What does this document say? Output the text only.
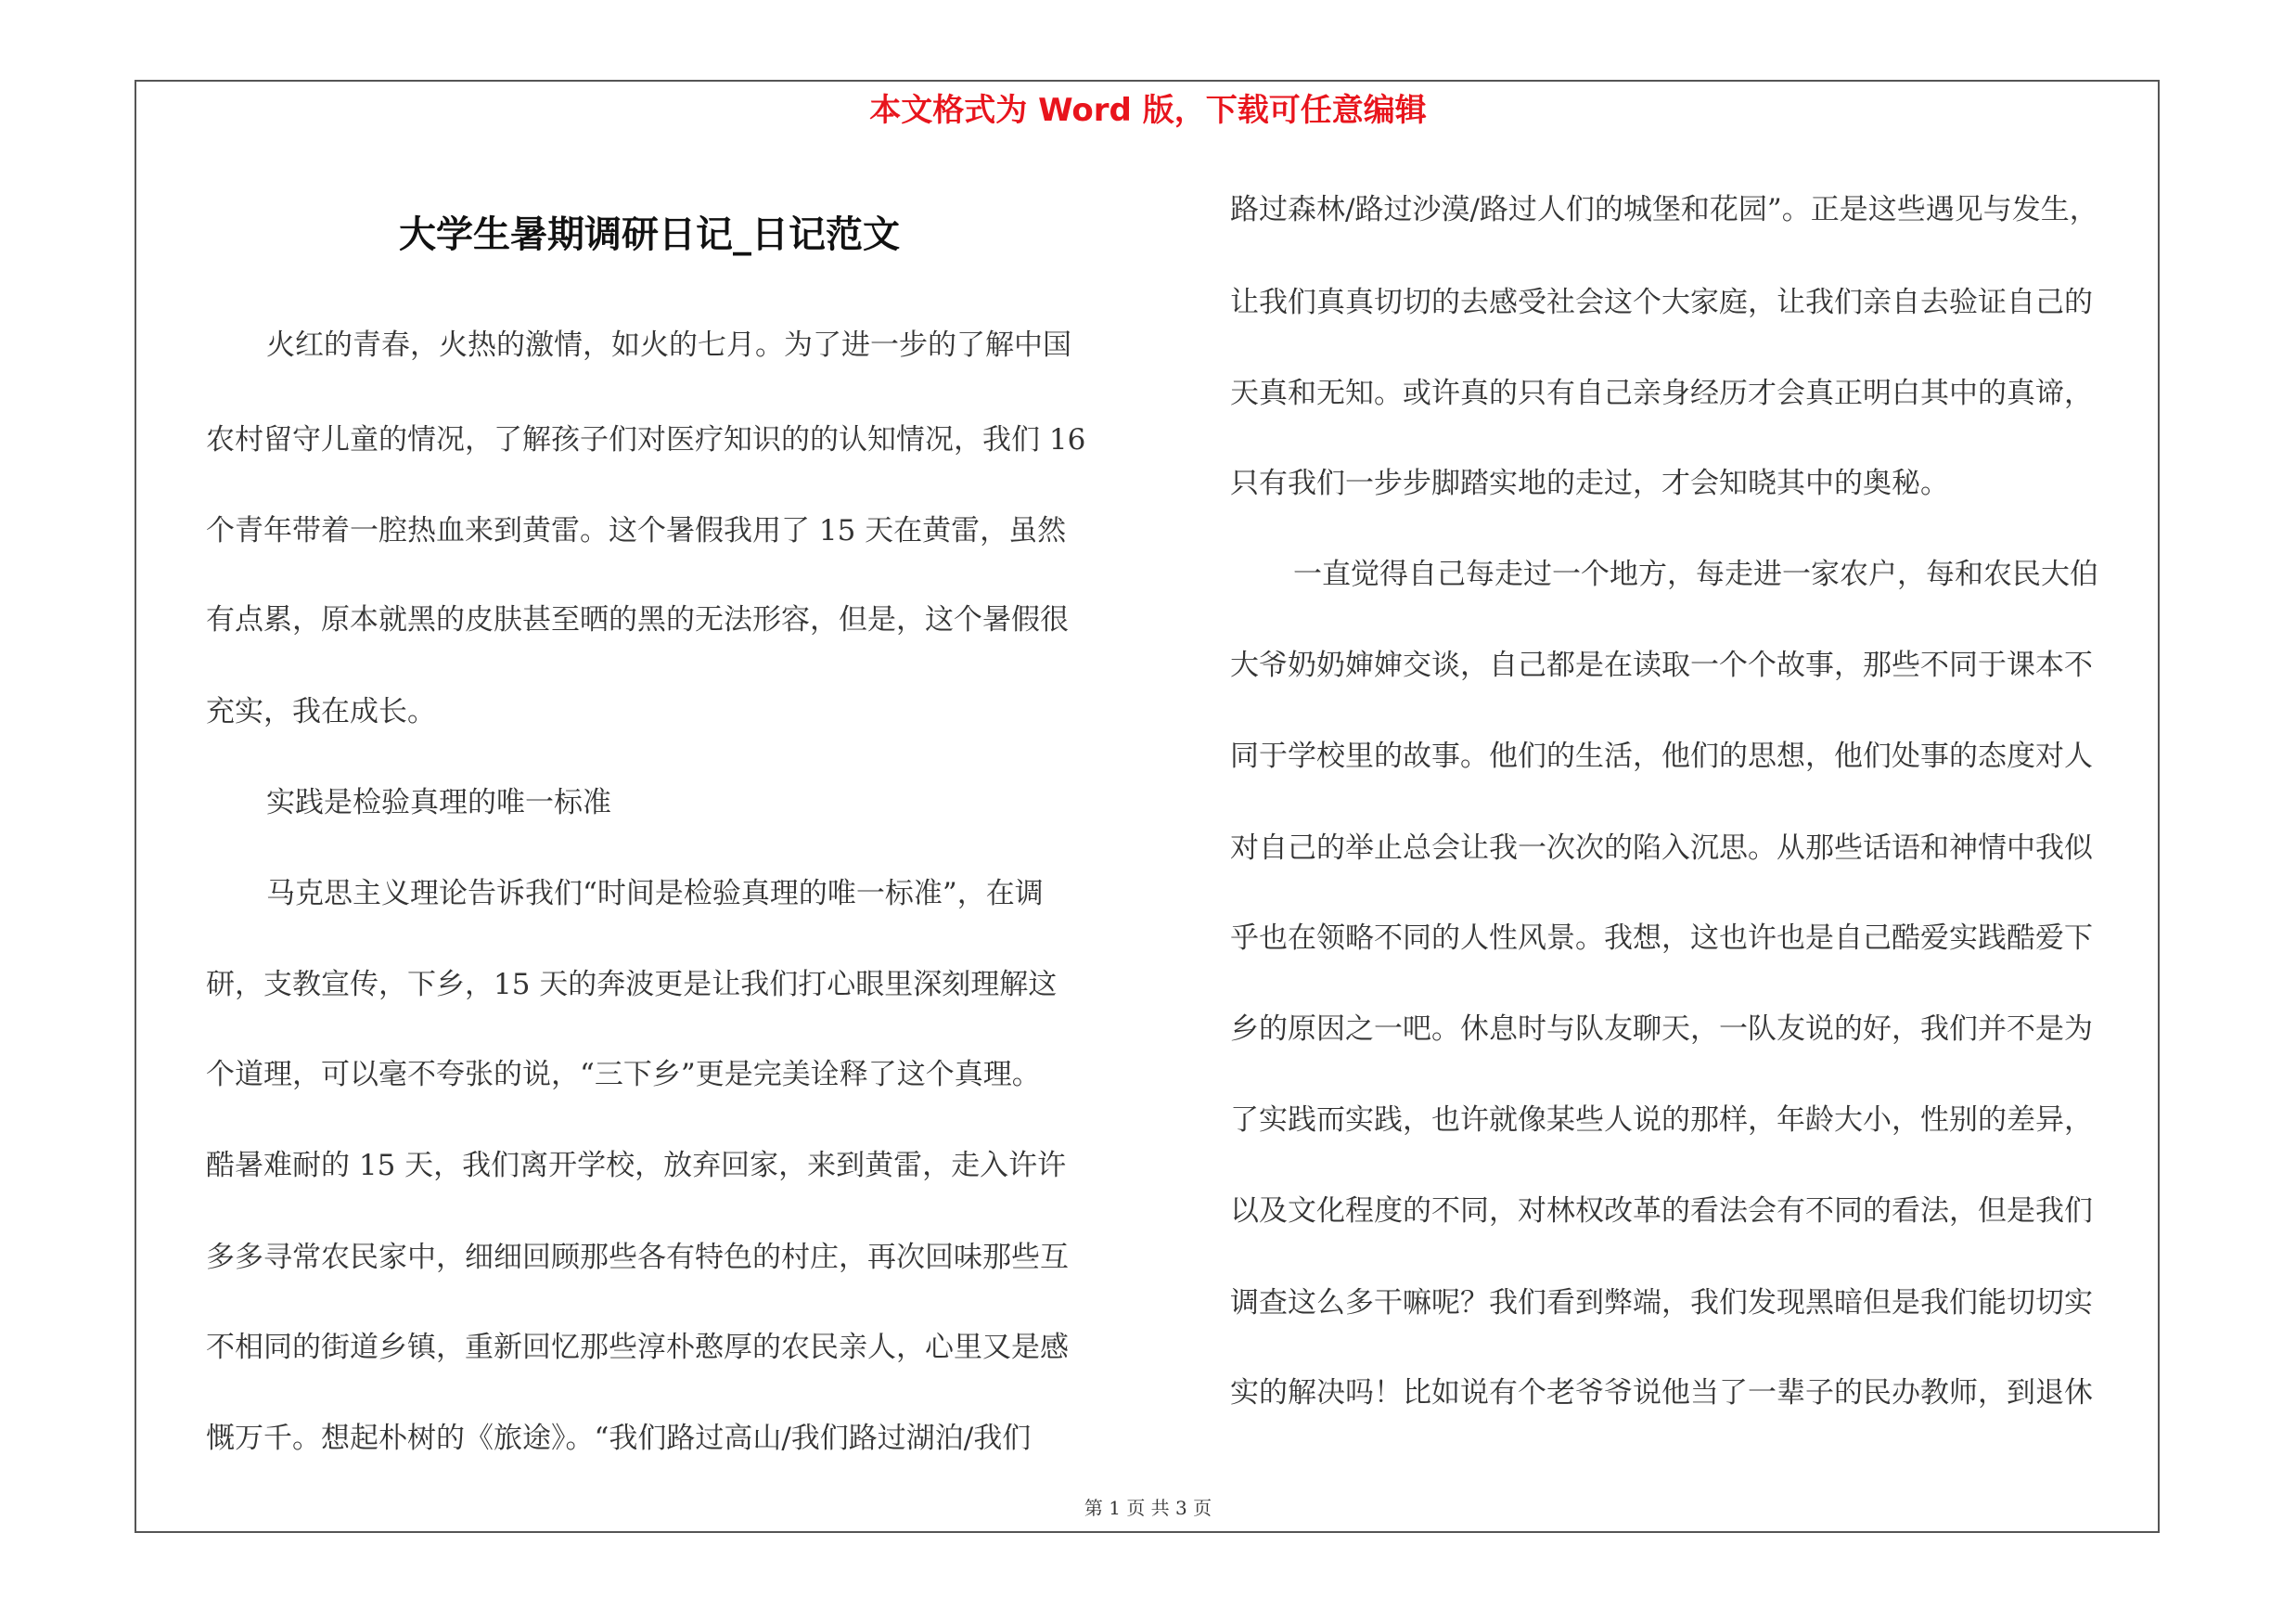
本文格式为 Word 版，下载可任意编辑
大学生暑期调研日记_日记范文
火红的青春，火热的激情，如火的七月。为了进一步的了解中国
农村留守儿童的情况，了解孩子们对医疗知识的的认知情况，我们 16
个青年带着一腔热血来到黄雷。这个暑假我用了 15 天在黄雷，虽然
有点累，原本就黑的皮肤甚至晒的黑的无法形容，但是，这个暑假很
充实，我在成长。
实践是检验真理的唯一标准
马克思主义理论告诉我们“时间是检验真理的唯一标准”，在调
研，支教宣传，下乡，15 天的奔波更是让我们打心眼里深刻理解这
个道理，可以毫不夸张的说，“三下乡”更是完美诠释了这个真理。
酷暑难耐的 15 天，我们离开学校，放弃回家，来到黄雷，走入许许
多多寻常农民家中，细细回顾那些各有特色的村庄，再次回味那些互
不相同的街道乡镇，重新回忆那些淳朴憨厚的农民亲人，心里又是感
慨万千。想起朴树的《旅途》。“我们路过高山/我们路过湖泊/我们
路过森林/路过沙漠/路过人们的城堡和花园”。正是这些遇见与发生，
让我们真真切切的去感受社会这个大家庭，让我们亲自去验证自己的
天真和无知。或许真的只有自己亲身经历才会真正明白其中的真谛，
只有我们一步步脚踏实地的走过，才会知晓其中的奥秘。
一直觉得自己每走过一个地方，每走进一家农户，每和农民大伯
大爷奶奶婶婶交谈，自己都是在读取一个个故事，那些不同于课本不
同于学校里的故事。他们的生活，他们的思想，他们处事的态度对人
对自己的举止总会让我一次次的陷入沉思。从那些话语和神情中我似
乎也在领略不同的人性风景。我想，这也许也是自己酷爱实践酷爱下
乡的原因之一吧。休息时与队友聊天，一队友说的好，我们并不是为
了实践而实践，也许就像某些人说的那样，年龄大小，性别的差异，
以及文化程度的不同，对林权改革的看法会有不同的看法，但是我们
调查这么多干嘛呢？我们看到弊端，我们发现黑暗但是我们能切切实
实的解决吗！比如说有个老爷爷说他当了一辈子的民办教师，到退休
第 1 页 共 3 页
